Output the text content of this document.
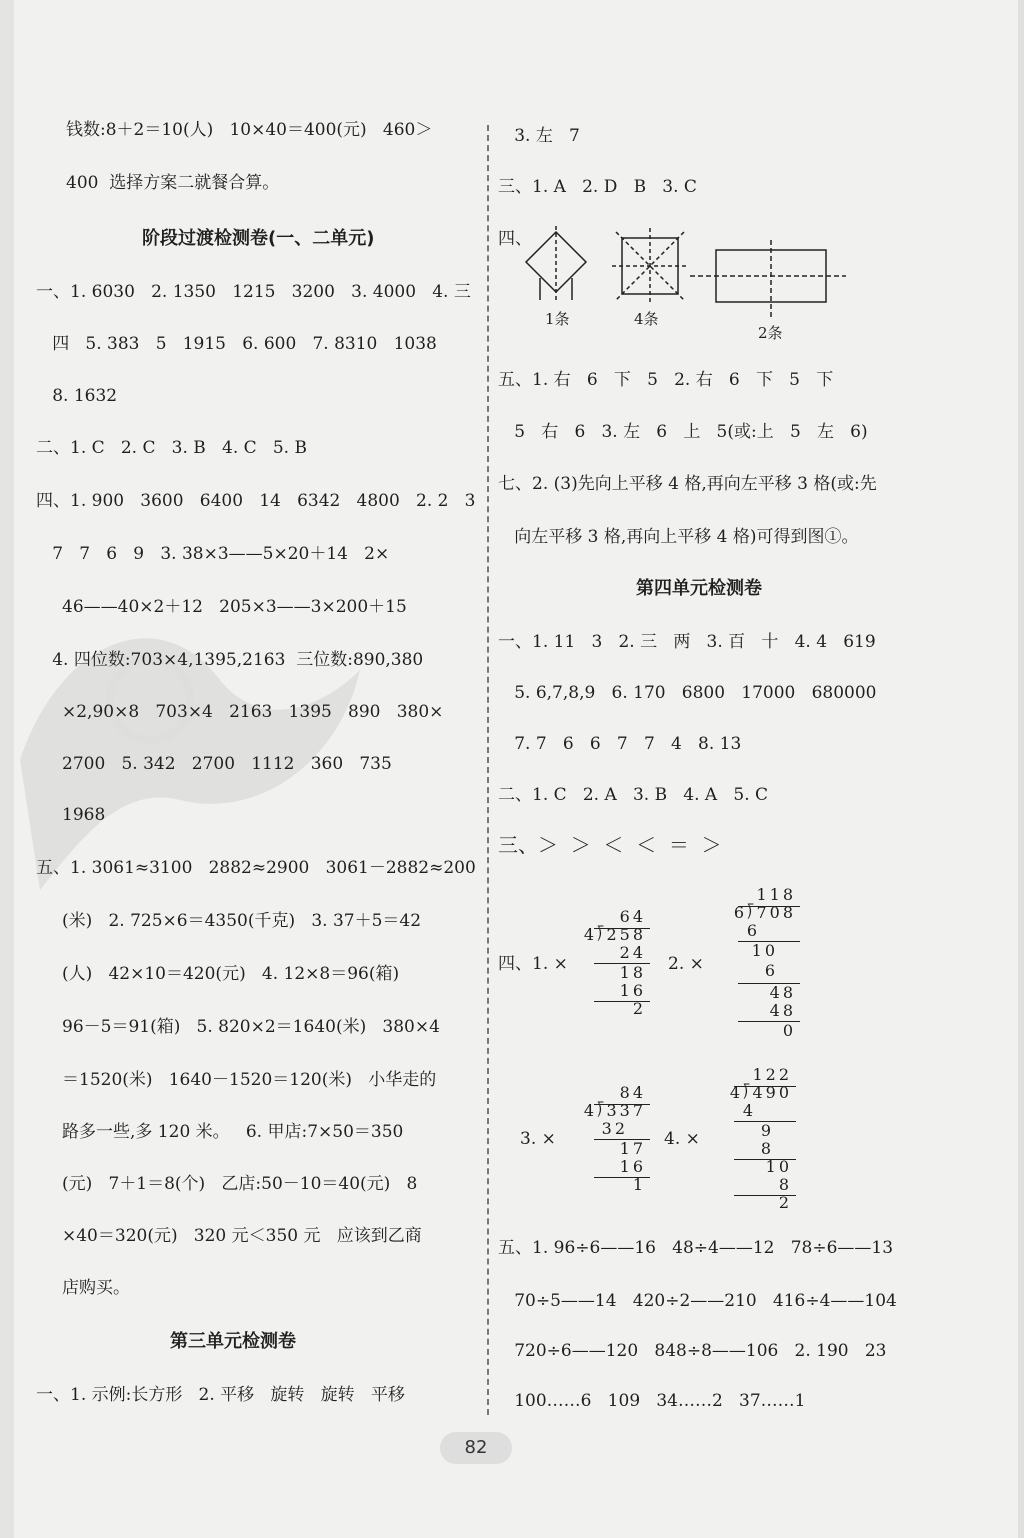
钱数:8＋2＝10(人)   10×40＝400(元)   460＞
400  选择方案二就餐合算。
阶段过渡检测卷(一、二单元)
一、1. 6030   2. 1350   1215   3200   3. 4000   4. 三
四   5. 383   5   1915   6. 600   7. 8310   1038
8. 1632
二、1. C   2. C   3. B   4. C   5. B
四、1. 900   3600   6400   14   6342   4800   2. 2   3
7   7   6   9   3. 38×3——5×20＋14   2×
46——40×2＋12   205×3——3×200＋15
4. 四位数:703×4,1395,2163  三位数:890,380
×2,90×8   703×4   2163   1395   890   380×
2700   5. 342   2700   1112   360   735
1968
五、1. 3061≈3100   2882≈2900   3061－2882≈200
(米)   2. 725×6＝4350(千克)   3. 37＋5＝42
(人)   42×10＝420(元)   4. 12×8＝96(箱)
96－5＝91(箱)   5. 820×2＝1640(米)   380×4
＝1520(米)   1640－1520＝120(米)   小华走的
路多一些,多 120 米。   6. 甲店:7×50＝350
(元)   7＋1＝8(个)   乙店:50－10＝40(元)   8
×40＝320(元)   320 元＜350 元   应该到乙商
店购买。
第三单元检测卷
一、1. 示例:长方形   2. 平移   旋转   旋转   平移
3. 左   7
三、1. A   2. D   B   3. C
四、
1条	4条
2条
五、1. 右   6   下   5   2. 右   6   下   5   下
5   右   6   3. 左   6   上   5(或:上   5   左   6)
七、2. (3)先向上平移 4 格,再向左平移 3 格(或:先
向左平移 3 格,再向上平移 4 格)可得到图①。
第四单元检测卷
一、1. 11   3   2. 三   两   3. 百   十   4. 4   619
5. 6,7,8,9   6. 170   6800   17000   680000
7. 7   6   6   7   7   4   8. 13
二、1. C   2. A   3. B   4. A   5. C
三、＞  ＞  ＜  ＜  ＝  ＞
四、1. ×	2. ×
3. ×	4. ×
64
4⟌258
24
18
16
2
118
6⟌708
6
10
6
48
48
0
84
4⟌337
32
17
16
1
122
4⟌490
4
9
8
10
8
2
五、1. 96÷6——16   48÷4——12   78÷6——13
70÷5——14   420÷2——210   416÷4——104
720÷6——120   848÷8——106   2. 190   23
100……6   109   34……2   37……1
82
